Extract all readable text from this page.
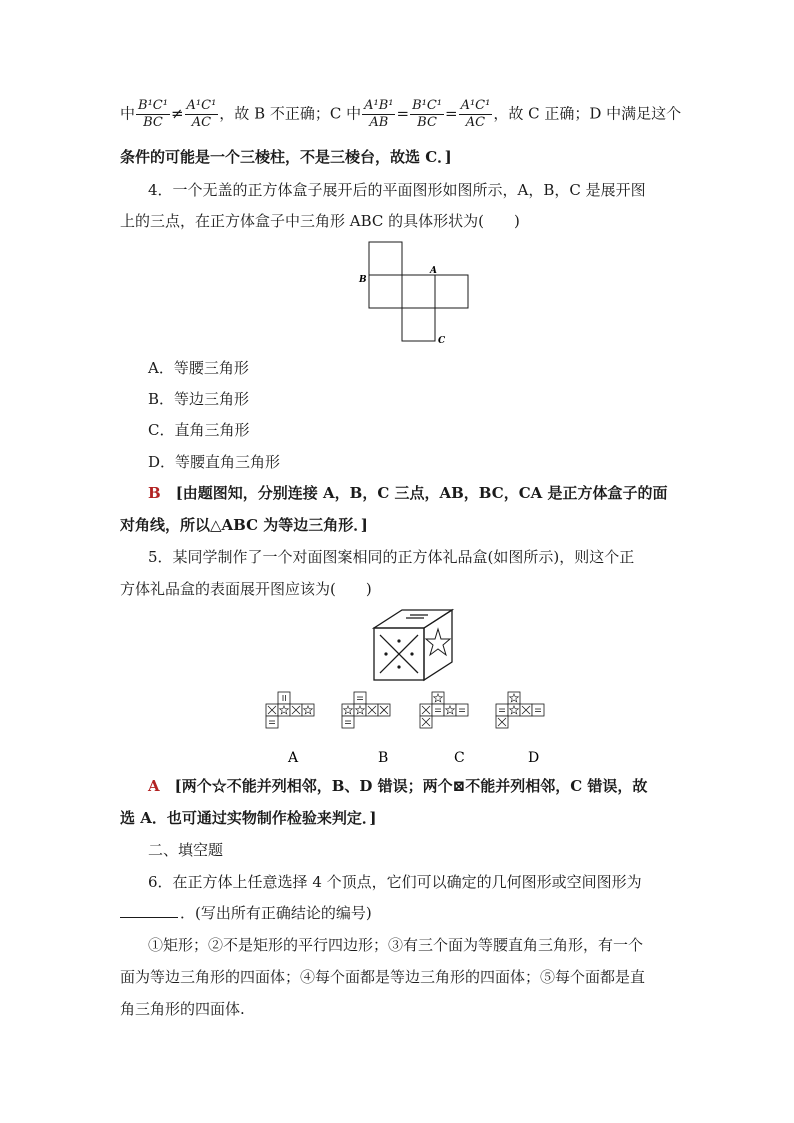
中 $\frac{\text{B¹C¹}}{BC} \ne \frac{\text{A¹C¹}}{AC}$ ，故 B 不正确；C 中 $\frac{\text{A¹B¹}}{AB} = \frac{\text{B¹C¹}}{BC} = \frac{\text{A¹C¹}}{AC}$ ，故 C 正确；D 中满足这个
条件的可能是一个三棱柱，不是三棱台，故选 C．]
4．一个无盖的正方体盒子展开后的平面图形如图所示，A，B，C 是展开图
上的三点，在正方体盒子中三角形 ABC 的具体形状为(　　)
B
A
C
A．等腰三角形
B．等边三角形
C．直角三角形
D．等腰直角三角形
B  [由题图知，分别连接 A，B，C 三点，AB，BC，CA 是正方体盒子的面
对角线，所以△ABC 为等边三角形．]
5．某同学制作了一个对面图案相同的正方体礼品盒(如图所示)，则这个正
方体礼品盒的表面展开图应该为(　　)
A	B	C	D
A  [两个☆不能并列相邻，B、D 错误；两个⊠不能并列相邻，C 错误，故
选 A．也可通过实物制作检验来判定．]
二、填空题
6．在正方体上任意选择 4 个顶点，它们可以确定的几何图形或空间图形为
．(写出所有正确结论的编号)
①矩形；②不是矩形的平行四边形；③有三个面为等腰直角三角形，有一个
面为等边三角形的四面体；④每个面都是等边三角形的四面体；⑤每个面都是直
角三角形的四面体.
